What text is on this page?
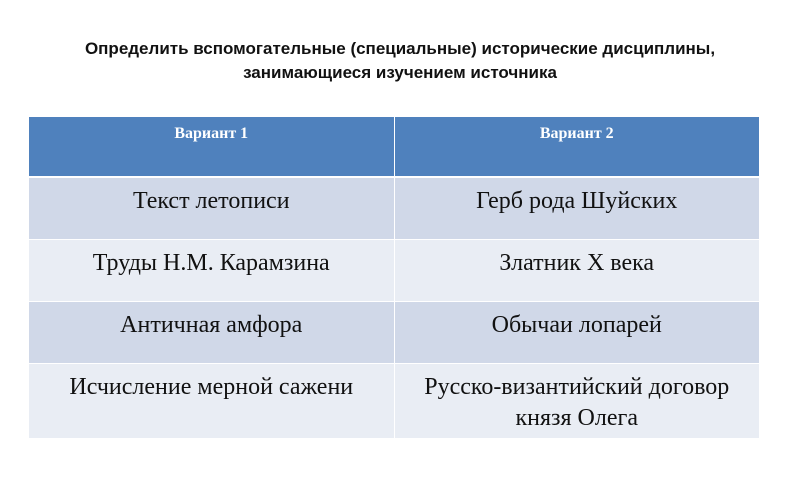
Определить вспомогательные (специальные) исторические дисциплины,
занимающиеся изучением источника
Вариант 1	Вариант 2
Текст летописи	Герб рода Шуйских
Труды Н.М. Карамзина	Златник Х века
Античная амфора	Обычаи лопарей
Исчисление мерной сажени	Русско-византийский договор князя Олега
